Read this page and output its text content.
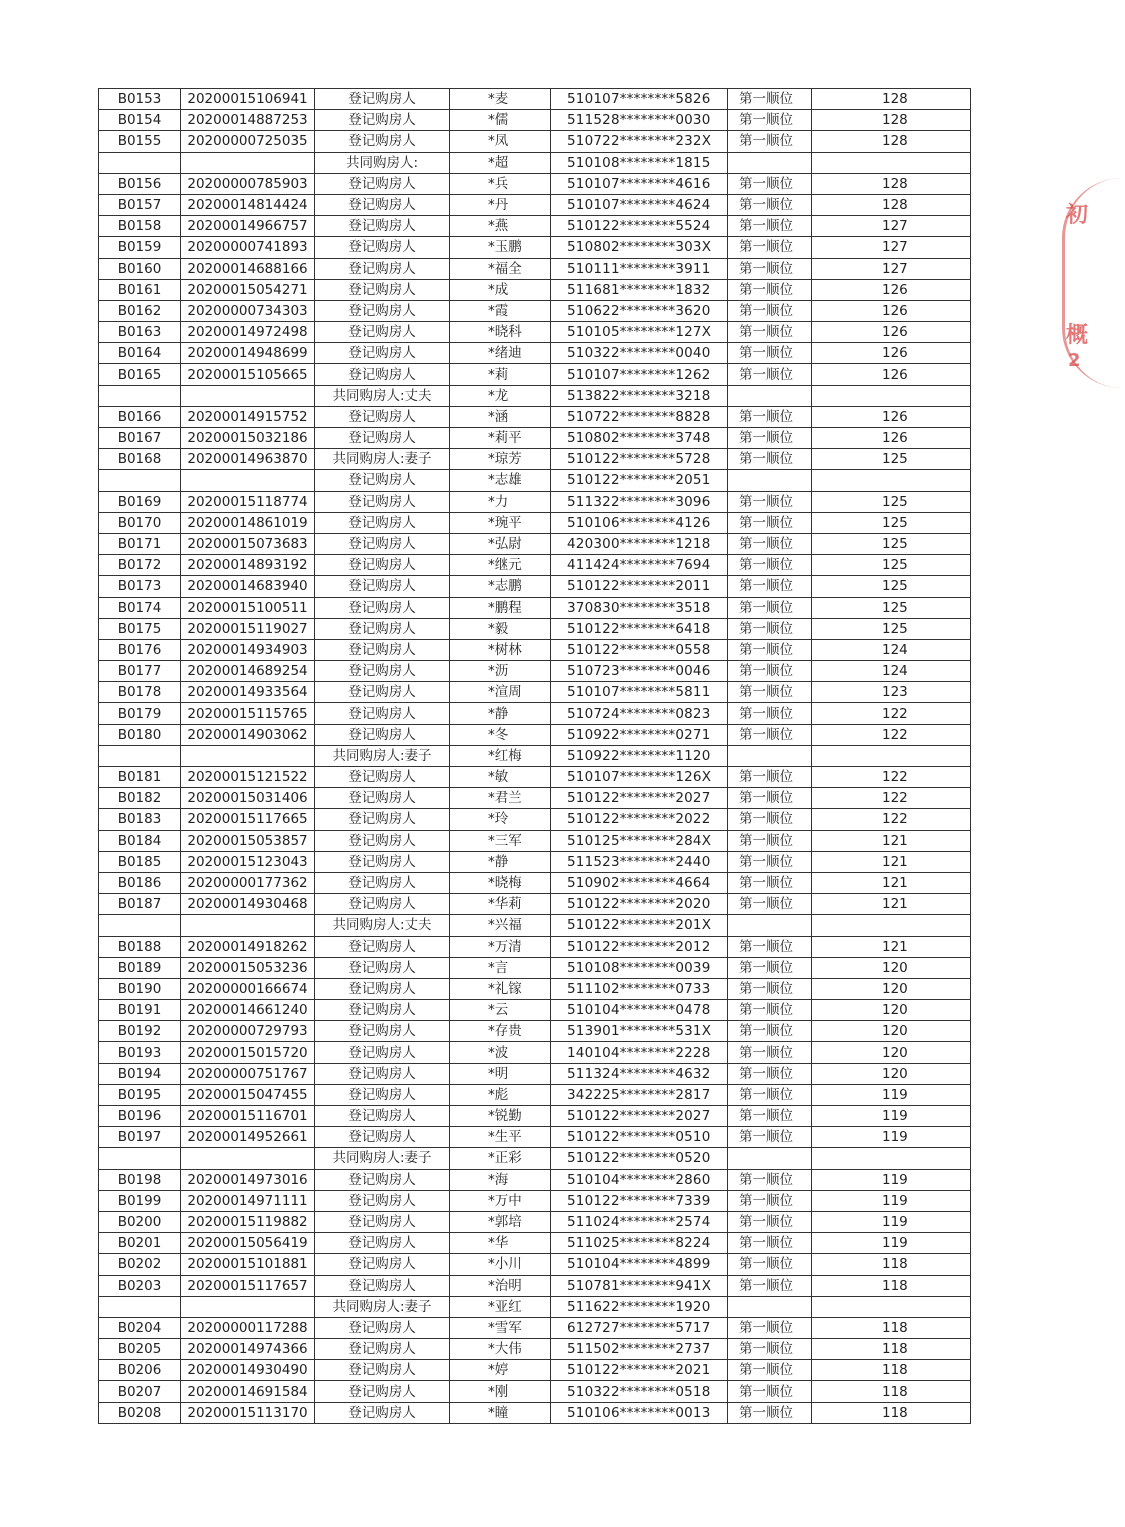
B0153	20200015106941	登记购房人	*麦	510107********5826	第一顺位	128
B0154	20200014887253	登记购房人	*儒	511528********0030	第一顺位	128
B0155	20200000725035	登记购房人	*凤	510722********232X	第一顺位	128
		共同购房人:	*超	510108********1815		
B0156	20200000785903	登记购房人	*兵	510107********4616	第一顺位	128
B0157	20200014814424	登记购房人	*丹	510107********4624	第一顺位	128
B0158	20200014966757	登记购房人	*燕	510122********5524	第一顺位	127
B0159	20200000741893	登记购房人	*玉鹏	510802********303X	第一顺位	127
B0160	20200014688166	登记购房人	*福全	510111********3911	第一顺位	127
B0161	20200015054271	登记购房人	*成	511681********1832	第一顺位	126
B0162	20200000734303	登记购房人	*霞	510622********3620	第一顺位	126
B0163	20200014972498	登记购房人	*晓科	510105********127X	第一顺位	126
B0164	20200014948699	登记购房人	*绪迪	510322********0040	第一顺位	126
B0165	20200015105665	登记购房人	*莉	510107********1262	第一顺位	126
		共同购房人:丈夫	*龙	513822********3218		
B0166	20200014915752	登记购房人	*涵	510722********8828	第一顺位	126
B0167	20200015032186	登记购房人	*莉平	510802********3748	第一顺位	126
B0168	20200014963870	共同购房人:妻子	*琼芳	510122********5728	第一顺位	125
		登记购房人	*志雄	510122********2051		
B0169	20200015118774	登记购房人	*力	511322********3096	第一顺位	125
B0170	20200014861019	登记购房人	*琬平	510106********4126	第一顺位	125
B0171	20200015073683	登记购房人	*弘尉	420300********1218	第一顺位	125
B0172	20200014893192	登记购房人	*继元	411424********7694	第一顺位	125
B0173	20200014683940	登记购房人	*志鹏	510122********2011	第一顺位	125
B0174	20200015100511	登记购房人	*鹏程	370830********3518	第一顺位	125
B0175	20200015119027	登记购房人	*毅	510122********6418	第一顺位	125
B0176	20200014934903	登记购房人	*树林	510122********0558	第一顺位	124
B0177	20200014689254	登记购房人	*沥	510723********0046	第一顺位	124
B0178	20200014933564	登记购房人	*渲周	510107********5811	第一顺位	123
B0179	20200015115765	登记购房人	*静	510724********0823	第一顺位	122
B0180	20200014903062	登记购房人	*冬	510922********0271	第一顺位	122
		共同购房人:妻子	*红梅	510922********1120		
B0181	20200015121522	登记购房人	*敏	510107********126X	第一顺位	122
B0182	20200015031406	登记购房人	*君兰	510122********2027	第一顺位	122
B0183	20200015117665	登记购房人	*玲	510122********2022	第一顺位	122
B0184	20200015053857	登记购房人	*三军	510125********284X	第一顺位	121
B0185	20200015123043	登记购房人	*静	511523********2440	第一顺位	121
B0186	20200000177362	登记购房人	*晓梅	510902********4664	第一顺位	121
B0187	20200014930468	登记购房人	*华莉	510122********2020	第一顺位	121
		共同购房人:丈夫	*兴福	510122********201X		
B0188	20200014918262	登记购房人	*万清	510122********2012	第一顺位	121
B0189	20200015053236	登记购房人	*言	510108********0039	第一顺位	120
B0190	20200000166674	登记购房人	*礼镓	511102********0733	第一顺位	120
B0191	20200014661240	登记购房人	*云	510104********0478	第一顺位	120
B0192	20200000729793	登记购房人	*存贵	513901********531X	第一顺位	120
B0193	20200015015720	登记购房人	*波	140104********2228	第一顺位	120
B0194	20200000751767	登记购房人	*明	511324********4632	第一顺位	120
B0195	20200015047455	登记购房人	*彪	342225********2817	第一顺位	119
B0196	20200015116701	登记购房人	*锐勤	510122********2027	第一顺位	119
B0197	20200014952661	登记购房人	*生平	510122********0510	第一顺位	119
		共同购房人:妻子	*正彩	510122********0520		
B0198	20200014973016	登记购房人	*海	510104********2860	第一顺位	119
B0199	20200014971111	登记购房人	*万中	510122********7339	第一顺位	119
B0200	20200015119882	登记购房人	*郭培	511024********2574	第一顺位	119
B0201	20200015056419	登记购房人	*华	511025********8224	第一顺位	119
B0202	20200015101881	登记购房人	*小川	510104********4899	第一顺位	118
B0203	20200015117657	登记购房人	*治明	510781********941X	第一顺位	118
		共同购房人:妻子	*亚红	511622********1920		
B0204	20200000117288	登记购房人	*雪军	612727********5717	第一顺位	118
B0205	20200014974366	登记购房人	*大伟	511502********2737	第一顺位	118
B0206	20200014930490	登记购房人	*婷	510122********2021	第一顺位	118
B0207	20200014691584	登记购房人	*刚	510322********0518	第一顺位	118
B0208	20200015113170	登记购房人	*瞳	510106********0013	第一顺位	118
初
概
2
